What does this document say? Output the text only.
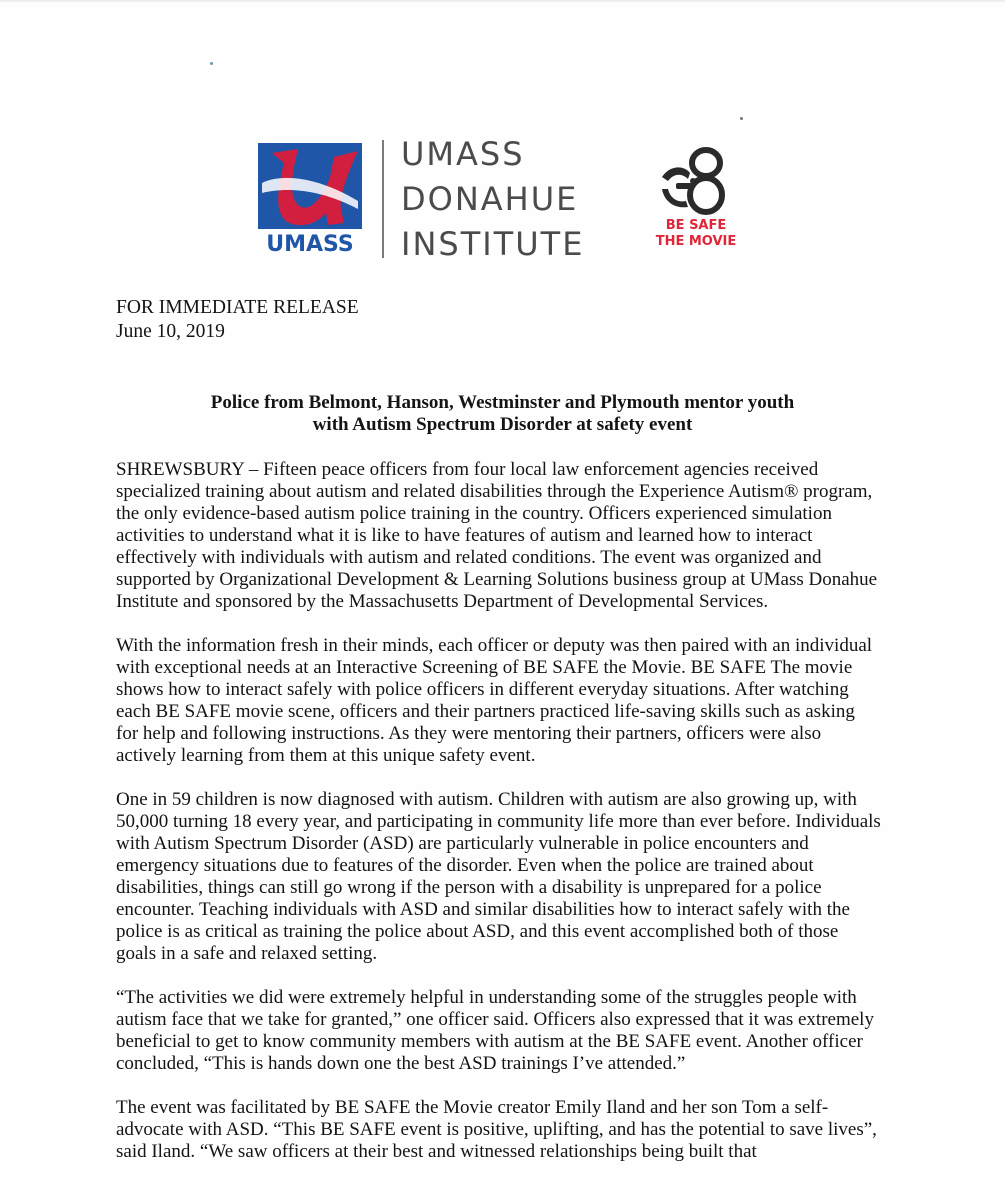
UMASS
UMASS
DONAHUE
INSTITUTE	BE SAFE
THE MOVIE
FOR IMMEDIATE RELEASE
June 10, 2019
Police from Belmont, Hanson, Westminster and Plymouth mentor youth
with Autism Spectrum Disorder at safety event

SHREWSBURY – Fifteen peace officers from four local law enforcement agencies received specialized training about autism and related disabilities through the Experience Autism® program, the only evidence-based autism police training in the country. Officers experienced simulation activities to understand what it is like to have features of autism and learned how to interact effectively with individuals with autism and related conditions. The event was organized and supported by Organizational Development & Learning Solutions business group at UMass Donahue Institute and sponsored by the Massachusetts Department of Developmental Services.

With the information fresh in their minds, each officer or deputy was then paired with an individual with exceptional needs at an Interactive Screening of BE SAFE the Movie. BE SAFE The movie shows how to interact safely with police officers in different everyday situations. After watching each BE SAFE movie scene, officers and their partners practiced life-saving skills such as asking for help and following instructions. As they were mentoring their partners, officers were also actively learning from them at this unique safety event.

One in 59 children is now diagnosed with autism. Children with autism are also growing up, with 50,000 turning 18 every year, and participating in community life more than ever before. Individuals with Autism Spectrum Disorder (ASD) are particularly vulnerable in police encounters and emergency situations due to features of the disorder. Even when the police are trained about disabilities, things can still go wrong if the person with a disability is unprepared for a police encounter. Teaching individuals with ASD and similar disabilities how to interact safely with the police is as critical as training the police about ASD, and this event accomplished both of those goals in a safe and relaxed setting.

“The activities we did were extremely helpful in understanding some of the struggles people with autism face that we take for granted,” one officer said. Officers also expressed that it was extremely beneficial to get to know community members with autism at the BE SAFE event. Another officer concluded, “This is hands down one the best ASD trainings I’ve attended.”

The event was facilitated by BE SAFE the Movie creator Emily Iland and her son Tom a self-advocate with ASD. “This BE SAFE event is positive, uplifting, and has the potential to save lives”, said Iland. “We saw officers at their best and witnessed relationships being built that
